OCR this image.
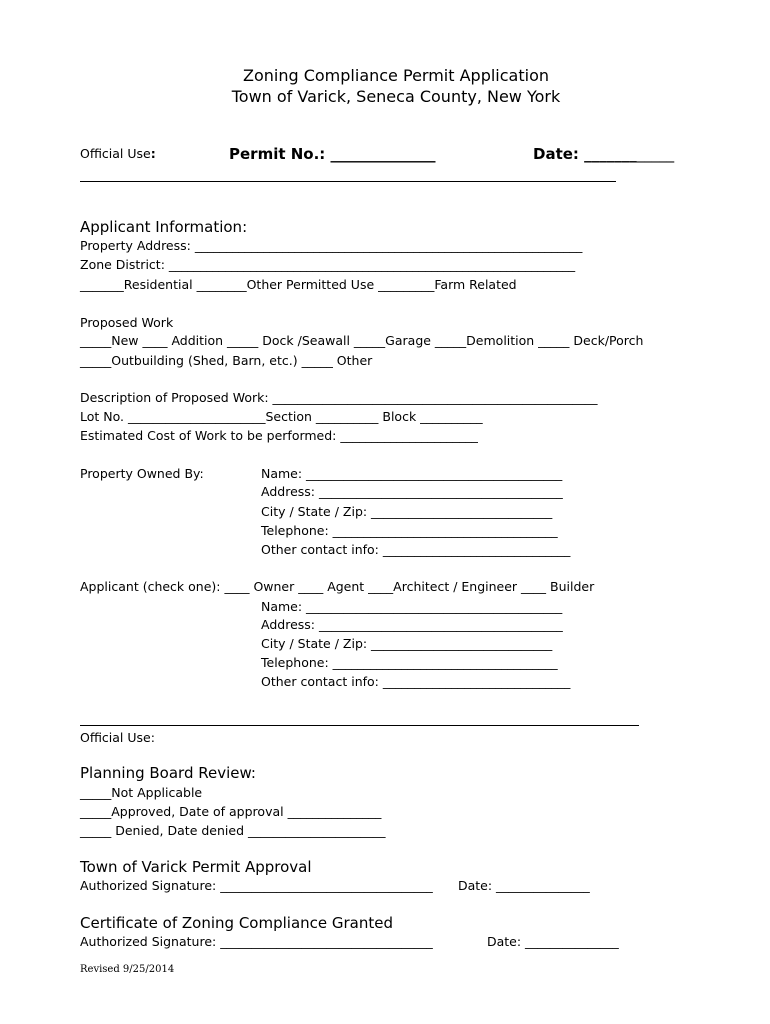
Zoning Compliance Permit Application
Town of Varick, Seneca County, New York
Official Use:	Permit No.: ______________	Date: ____________
Applicant Information:
Property Address: ______________________________________________________________
Zone District: _________________________________________________________________
_______Residential ________Other Permitted Use _________Farm Related
Proposed Work
_____New ____ Addition _____ Dock /Seawall _____Garage _____Demolition _____ Deck/Porch
_____Outbuilding (Shed, Barn, etc.) _____ Other
Description of Proposed Work: ____________________________________________________
Lot No. ______________________Section __________ Block __________
Estimated Cost of Work to be performed: ______________________
Property Owned By:	Name: _________________________________________
Address: _______________________________________
City / State / Zip: _____________________________
Telephone: ____________________________________
Other contact info: ______________________________
Applicant (check one): ____ Owner ____ Agent ____Architect / Engineer ____ Builder
Name: _________________________________________
Address: _______________________________________
City / State / Zip: _____________________________
Telephone: ____________________________________
Other contact info: ______________________________
Official Use:
Planning Board Review:
_____Not Applicable
_____Approved, Date of approval _______________
_____ Denied, Date denied ______________________
Town of Varick Permit Approval
Authorized Signature: __________________________________ Date: _______________
Certificate of Zoning Compliance Granted
Authorized Signature: __________________________________	Date: _______________
Revised 9/25/2014
